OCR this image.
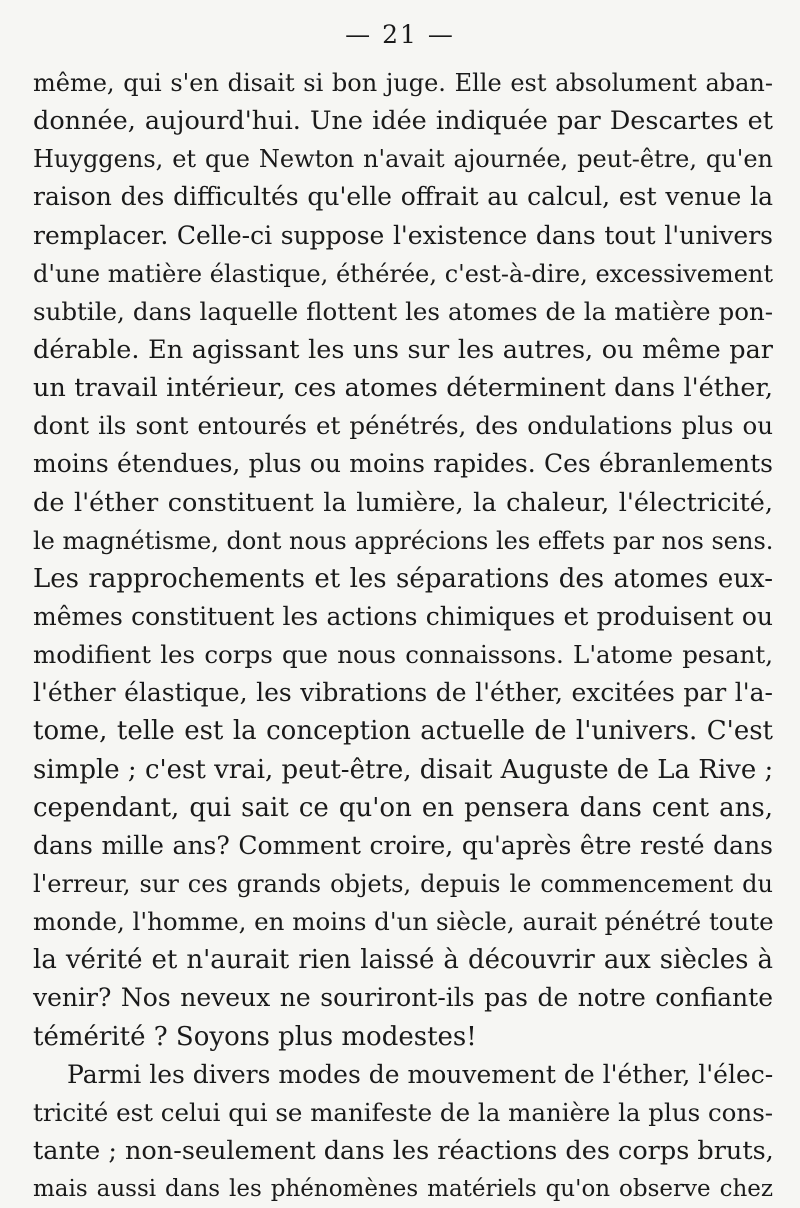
— 21 —
même, qui s'en disait si bon juge. Elle est absolument aban-
donnée, aujourd'hui. Une idée indiquée par Descartes et
Huyggens, et que Newton n'avait ajournée, peut-être, qu'en
raison des difficultés qu'elle offrait au calcul, est venue la
remplacer. Celle-ci suppose l'existence dans tout l'univers
d'une matière élastique, éthérée, c'est-à-dire, excessivement
subtile, dans laquelle flottent les atomes de la matière pon-
dérable. En agissant les uns sur les autres, ou même par
un travail intérieur, ces atomes déterminent dans l'éther,
dont ils sont entourés et pénétrés, des ondulations plus ou
moins étendues, plus ou moins rapides. Ces ébranlements
de l'éther constituent la lumière, la chaleur, l'électricité,
le magnétisme, dont nous apprécions les effets par nos sens.
Les rapprochements et les séparations des atomes eux-
mêmes constituent les actions chimiques et produisent ou
modifient les corps que nous connaissons. L'atome pesant,
l'éther élastique, les vibrations de l'éther, excitées par l'a-
tome, telle est la conception actuelle de l'univers. C'est
simple ; c'est vrai, peut-être, disait Auguste de La Rive ;
cependant, qui sait ce qu'on en pensera dans cent ans,
dans mille ans? Comment croire, qu'après être resté dans
l'erreur, sur ces grands objets, depuis le commencement du
monde, l'homme, en moins d'un siècle, aurait pénétré toute
la vérité et n'aurait rien laissé à découvrir aux siècles à
venir? Nos neveux ne souriront-ils pas de notre confiante
témérité ? Soyons plus modestes!
Parmi les divers modes de mouvement de l'éther, l'élec-
tricité est celui qui se manifeste de la manière la plus cons-
tante ; non-seulement dans les réactions des corps bruts,
mais aussi dans les phénomènes matériels qu'on observe chez
